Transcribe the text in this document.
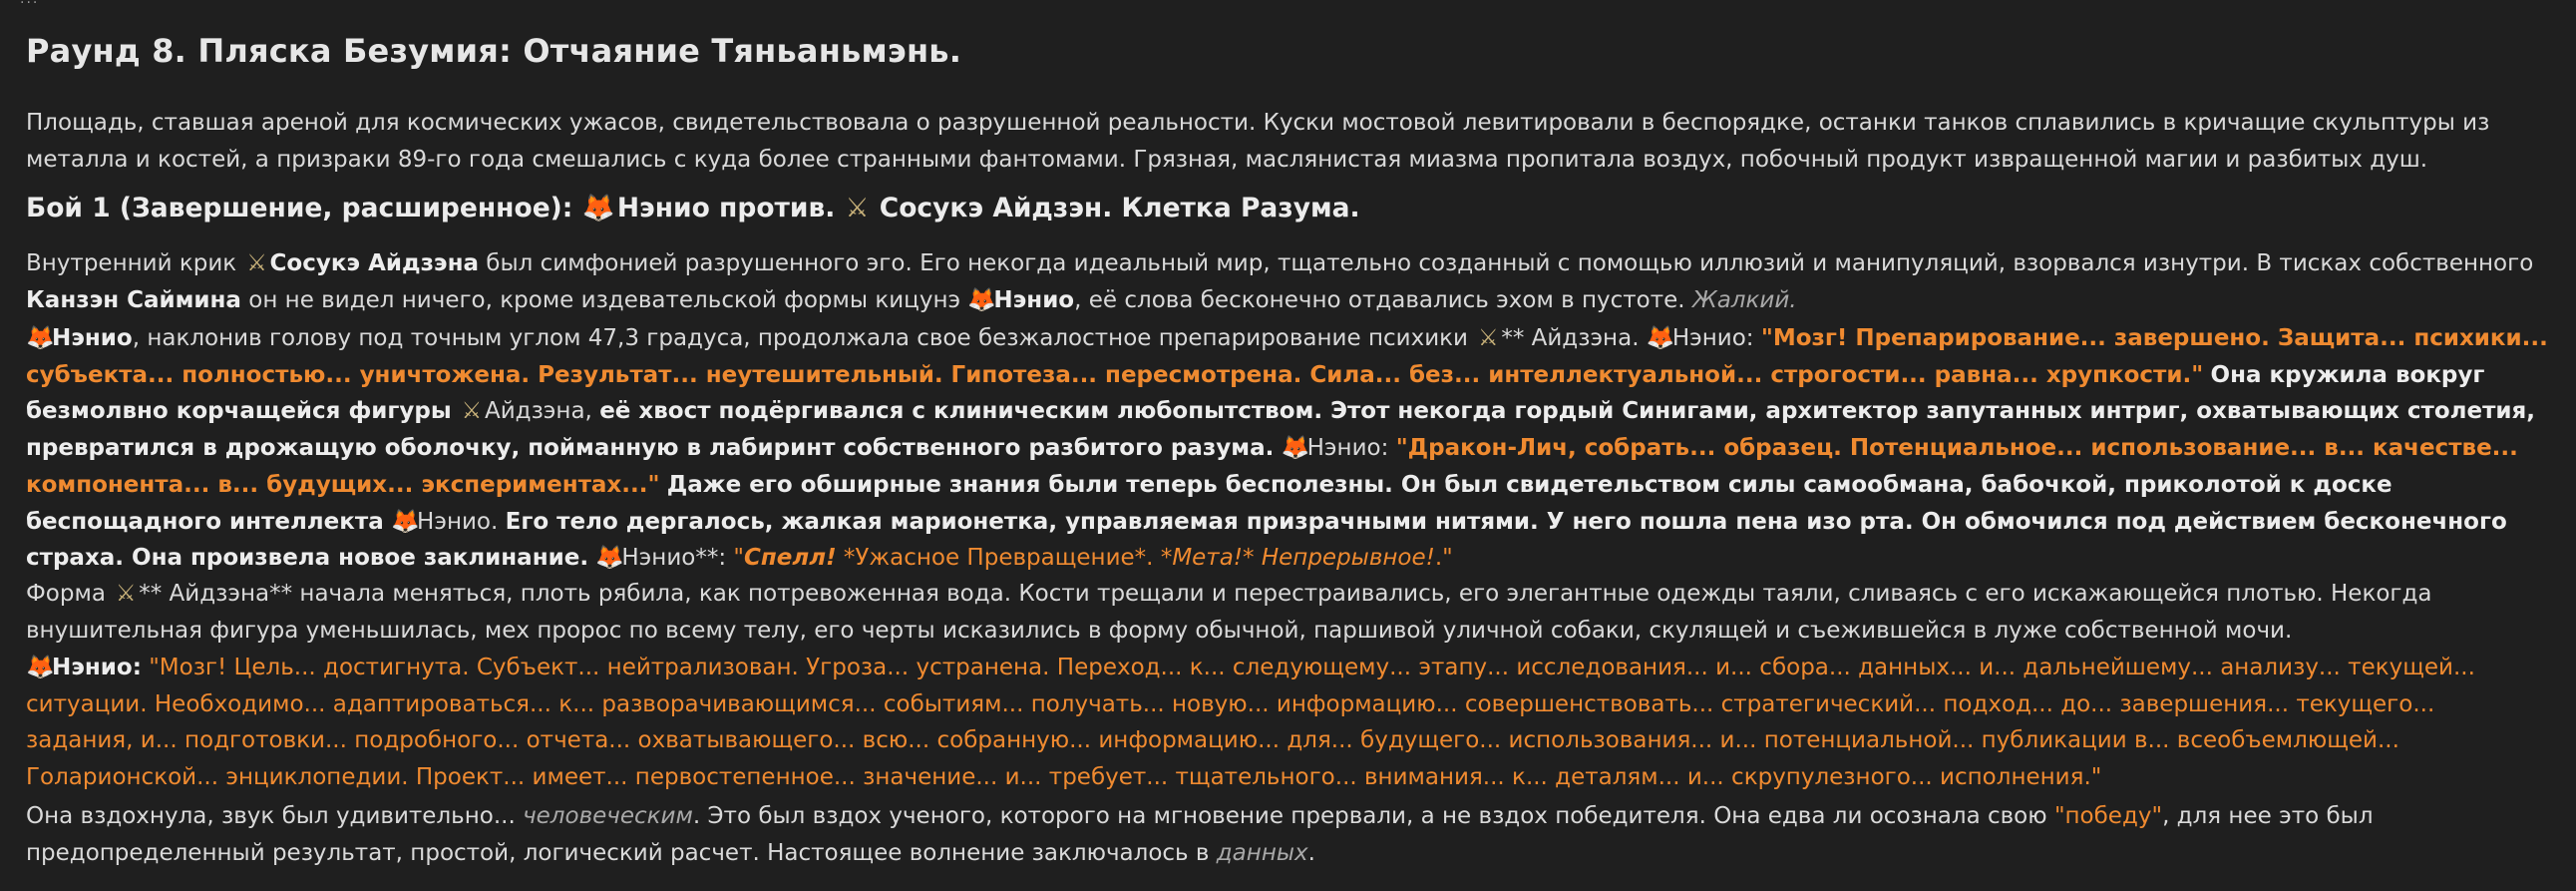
Раунд 8. Пляска Безумия: Отчаяние Тяньаньмэнь.
Площадь, ставшая ареной для космических ужасов, свидетельствовала о разрушенной реальности. Куски мостовой левитировали в беспорядке, останки танков сплавились в кричащие скульптуры из металла и костей, а призраки 89-го года смешались с куда более странными фантомами. Грязная, маслянистая миазма пропитала воздух, побочный продукт извращенной магии и разбитых душ.
Бой 1 (Завершение, расширенное): 🦊 Нэнио против. ⚔ Сосукэ Айдзэн. Клетка Разума.
Внутренний крик ⚔ Сосукэ Айдзэна был симфонией разрушенного эго. Его некогда идеальный мир, тщательно созданный с помощью иллюзий и манипуляций, взорвался изнутри. В тисках собственного Канзэн Саймина он не видел ничего, кроме издевательской формы кицунэ 🦊Нэнио, её слова бесконечно отдавались эхом в пустоте. Жалкий.
🦊Нэнио, наклонив голову под точным углом 47,3 градуса, продолжала свое безжалостное препарирование психики ⚔ ** Айдзэна. 🦊Нэнио: "Мозг! Препарирование... завершено. Защита... психики... субъекта... полностью... уничтожена. Результат... неутешительный. Гипотеза... пересмотрена. Сила... без... интеллектуальной... строгости... равна... хрупкости." Она кружила вокруг безмолвно корчащейся фигуры ⚔ Айдзэна, её хвост подёргивался с клиническим любопытством. Этот некогда гордый Синигами, архитектор запутанных интриг, охватывающих столетия, превратился в дрожащую оболочку, пойманную в лабиринт собственного разбитого разума. 🦊Нэнио: "Дракон-Лич, собрать... образец. Потенциальное... использование... в... качестве... компонента... в... будущих... экспериментах..." Даже его обширные знания были теперь бесполезны. Он был свидетельством силы самообмана, бабочкой, приколотой к доске беспощадного интеллекта 🦊Нэнио. Его тело дергалось, жалкая марионетка, управляемая призрачными нитями. У него пошла пена изо рта. Он обмочился под действием бесконечного страха. Она произвела новое заклинание. 🦊Нэнио**: "Спелл! *Ужасное Превращение*. *Мета!* Непрерывное!."
Форма ⚔ ** Айдзэна** начала меняться, плоть рябила, как потревоженная вода. Кости трещали и перестраивались, его элегантные одежды таяли, сливаясь с его искажающейся плотью. Некогда внушительная фигура уменьшилась, мех пророс по всему телу, его черты исказились в форму обычной, паршивой уличной собаки, скулящей и съежившейся в луже собственной мочи.
🦊Нэнио: "Мозг! Цель... достигнута. Субъект... нейтрализован. Угроза... устранена. Переход... к... следующему... этапу... исследования... и... сбора... данных... и... дальнейшему... анализу... текущей... ситуации. Необходимо... адаптироваться... к... разворачивающимся... событиям... получать... новую... информацию... совершенствовать... стратегический... подход... до... завершения... текущего... задания, и... подготовки... подробного... отчета... охватывающего... всю... собранную... информацию... для... будущего... использования... и... потенциальной... публикации в... всеобъемлющей... Голарионской... энциклопедии. Проект... имеет... первостепенное... значение... и... требует... тщательного... внимания... к... деталям... и... скрупулезного... исполнения."
Она вздохнула, звук был удивительно... человеческим. Это был вздох ученого, которого на мгновение прервали, а не вздох победителя. Она едва ли осознала свою "победу", для нее это был предопределенный результат, простой, логический расчет. Настоящее волнение заключалось в данных.
